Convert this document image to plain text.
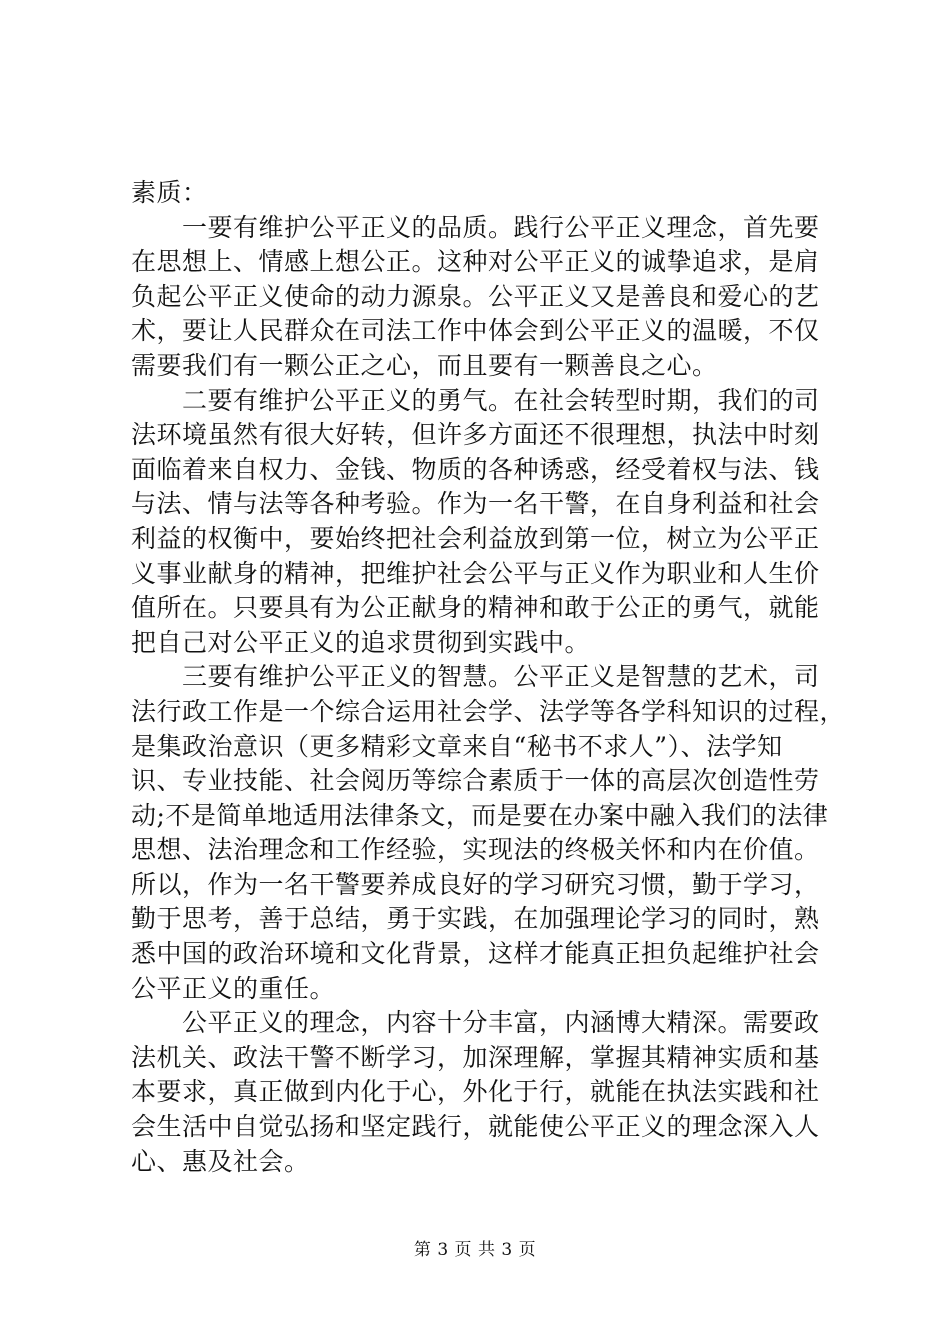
素质：
　　一要有维护公平正义的品质。践行公平正义理念，首先要
在思想上、情感上想公正。这种对公平正义的诚挚追求，是肩
负起公平正义使命的动力源泉。公平正义又是善良和爱心的艺
术，要让人民群众在司法工作中体会到公平正义的温暖，不仅
需要我们有一颗公正之心，而且要有一颗善良之心。
　　二要有维护公平正义的勇气。在社会转型时期，我们的司
法环境虽然有很大好转，但许多方面还不很理想，执法中时刻
面临着来自权力、金钱、物质的各种诱惑，经受着权与法、钱
与法、情与法等各种考验。作为一名干警，在自身利益和社会
利益的权衡中，要始终把社会利益放到第一位，树立为公平正
义事业献身的精神，把维护社会公平与正义作为职业和人生价
值所在。只要具有为公正献身的精神和敢于公正的勇气，就能
把自己对公平正义的追求贯彻到实践中。
　　三要有维护公平正义的智慧。公平正义是智慧的艺术，司
法行政工作是一个综合运用社会学、法学等各学科知识的过程，
是集政治意识（更多精彩文章来自“秘书不求人”）、法学知
识、专业技能、社会阅历等综合素质于一体的高层次创造性劳
动;不是简单地适用法律条文，而是要在办案中融入我们的法律
思想、法治理念和工作经验，实现法的终极关怀和内在价值。
所以，作为一名干警要养成良好的学习研究习惯，勤于学习，
勤于思考，善于总结，勇于实践，在加强理论学习的同时，熟
悉中国的政治环境和文化背景，这样才能真正担负起维护社会
公平正义的重任。
　　公平正义的理念，内容十分丰富，内涵博大精深。需要政
法机关、政法干警不断学习，加深理解，掌握其精神实质和基
本要求，真正做到内化于心，外化于行，就能在执法实践和社
会生活中自觉弘扬和坚定践行，就能使公平正义的理念深入人
心、惠及社会。
第 3 页 共 3 页
